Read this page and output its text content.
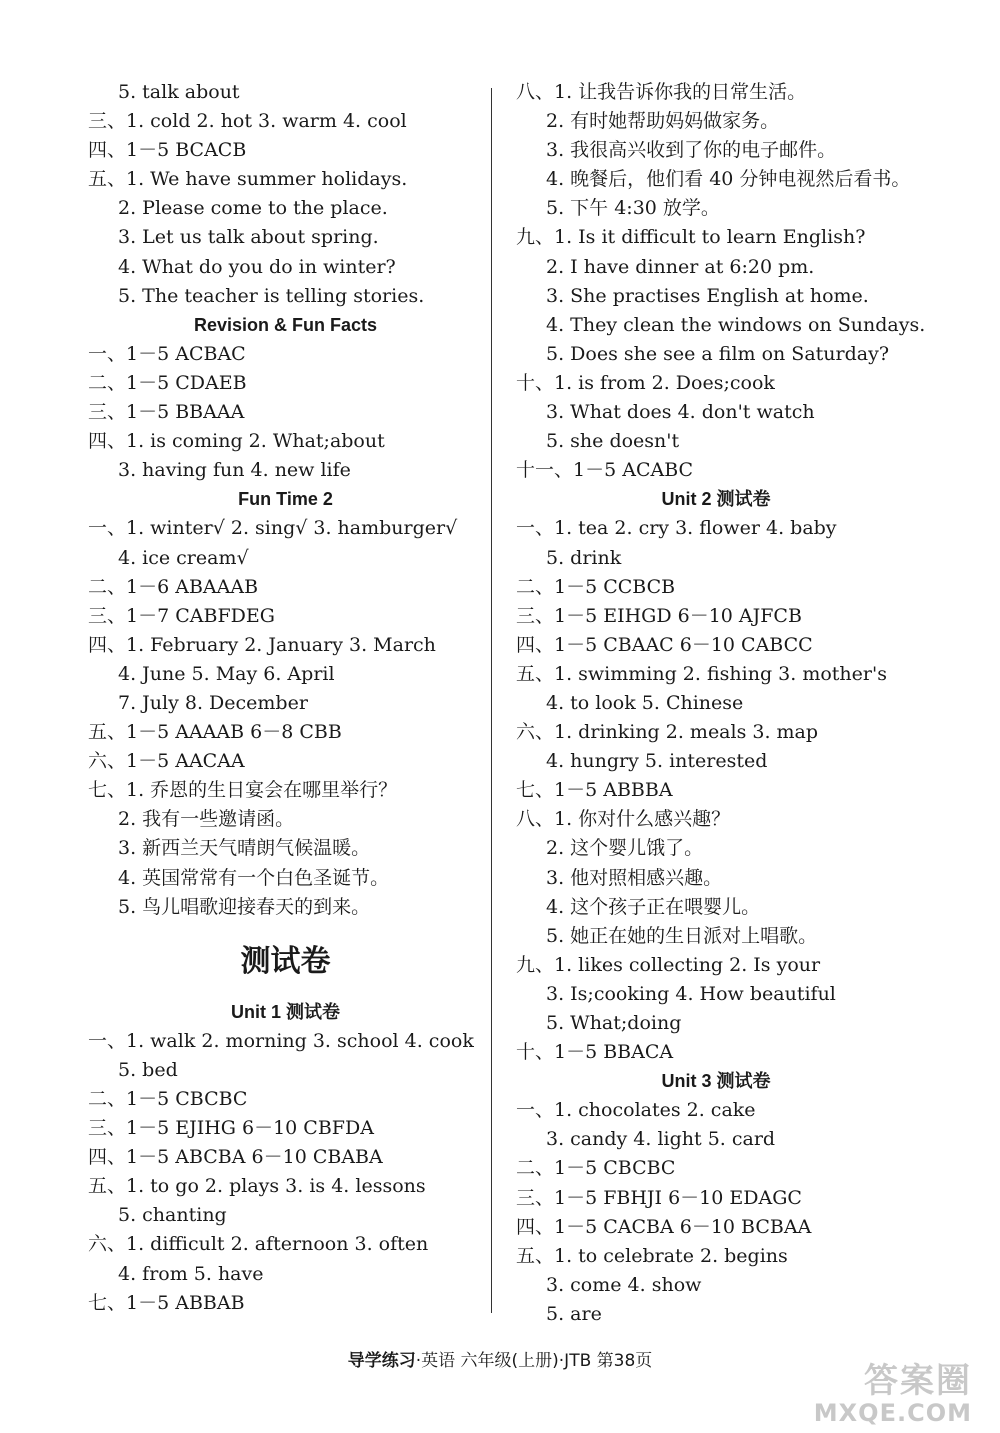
5. talk about
三、1. cold 2. hot 3. warm 4. cool
四、1－5 BCACB
五、1. We have summer holidays.
2. Please come to the place.
3. Let us talk about spring.
4. What do you do in winter?
5. The teacher is telling stories.
Revision & Fun Facts
一、1－5 ACBAC
二、1－5 CDAEB
三、1－5 BBAAA
四、1. is coming 2. What;about
3. having fun 4. new life
Fun Time 2
一、1. winter√ 2. sing√ 3. hamburger√
4. ice cream√
二、1－6 ABAAAB
三、1－7 CABFDEG
四、1. February 2. January 3. March
4. June 5. May 6. April
7. July 8. December
五、1－5 AAAAB 6－8 CBB
六、1－5 AACAA
七、1. 乔恩的生日宴会在哪里举行？
2. 我有一些邀请函。
3. 新西兰天气晴朗气候温暖。
4. 英国常常有一个白色圣诞节。
5. 鸟儿唱歌迎接春天的到来。
测试卷
Unit 1 测试卷
一、1. walk 2. morning 3. school 4. cook
5. bed
二、1－5 CBCBC
三、1－5 EJIHG 6－10 CBFDA
四、1－5 ABCBA 6－10 CBABA
五、1. to go 2. plays 3. is 4. lessons
5. chanting
六、1. difficult 2. afternoon 3. often
4. from 5. have
七、1－5 ABBAB
八、1. 让我告诉你我的日常生活。
2. 有时她帮助妈妈做家务。
3. 我很高兴收到了你的电子邮件。
4. 晚餐后，他们看 40 分钟电视然后看书。
5. 下午 4:30 放学。
九、1. Is it difficult to learn English?
2. I have dinner at 6:20 pm.
3. She practises English at home.
4. They clean the windows on Sundays.
5. Does she see a film on Saturday?
十、1. is from 2. Does;cook
3. What does 4. don't watch
5. she doesn't
十一、1－5 ACABC
Unit 2 测试卷
一、1. tea 2. cry 3. flower 4. baby
5. drink
二、1－5 CCBCB
三、1－5 EIHGD 6－10 AJFCB
四、1－5 CBAAC 6－10 CABCC
五、1. swimming 2. fishing 3. mother's
4. to look 5. Chinese
六、1. drinking 2. meals 3. map
4. hungry 5. interested
七、1－5 ABBBA
八、1. 你对什么感兴趣？
2. 这个婴儿饿了。
3. 他对照相感兴趣。
4. 这个孩子正在喂婴儿。
5. 她正在她的生日派对上唱歌。
九、1. likes collecting 2. Is your
3. Is;cooking 4. How beautiful
5. What;doing
十、1－5 BBACA
Unit 3 测试卷
一、1. chocolates 2. cake
3. candy 4. light 5. card
二、1－5 CBCBC
三、1－5 FBHJI 6－10 EDAGC
四、1－5 CACBA 6－10 BCBAA
五、1. to celebrate 2. begins
3. come 4. show
5. are
导学练习·英语 六年级(上册)·JTB 第38页	答案圈
MXQE.COM
